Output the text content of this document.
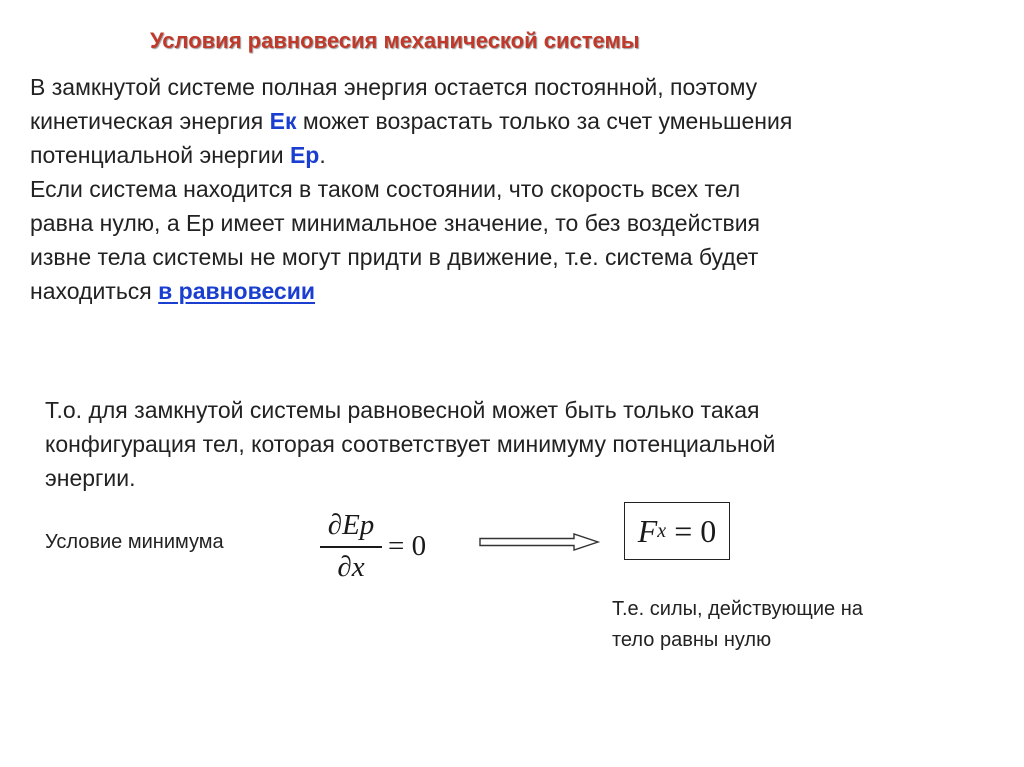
Условия равновесия механической системы

В замкнутой системе полная энергия остается постоянной, поэтому
кинетическая энергия Ек может возрастать только за счет уменьшения
потенциальной энергии Ер.
Если система находится в таком состоянии, что скорость всех тел
равна нулю, а Ер имеет минимальное значение, то без воздействия
извне тела системы не могут придти в движение, т.е. система будет
находиться в равновесии

Т.о. для замкнутой системы равновесной может быть только такая
конфигурация тел, которая соответствует минимуму потенциальной
энергии.

Условие минимума

∂Ep
∂x
= 0	F x = 0

Т.е. силы, действующие на
тело равны нулю
